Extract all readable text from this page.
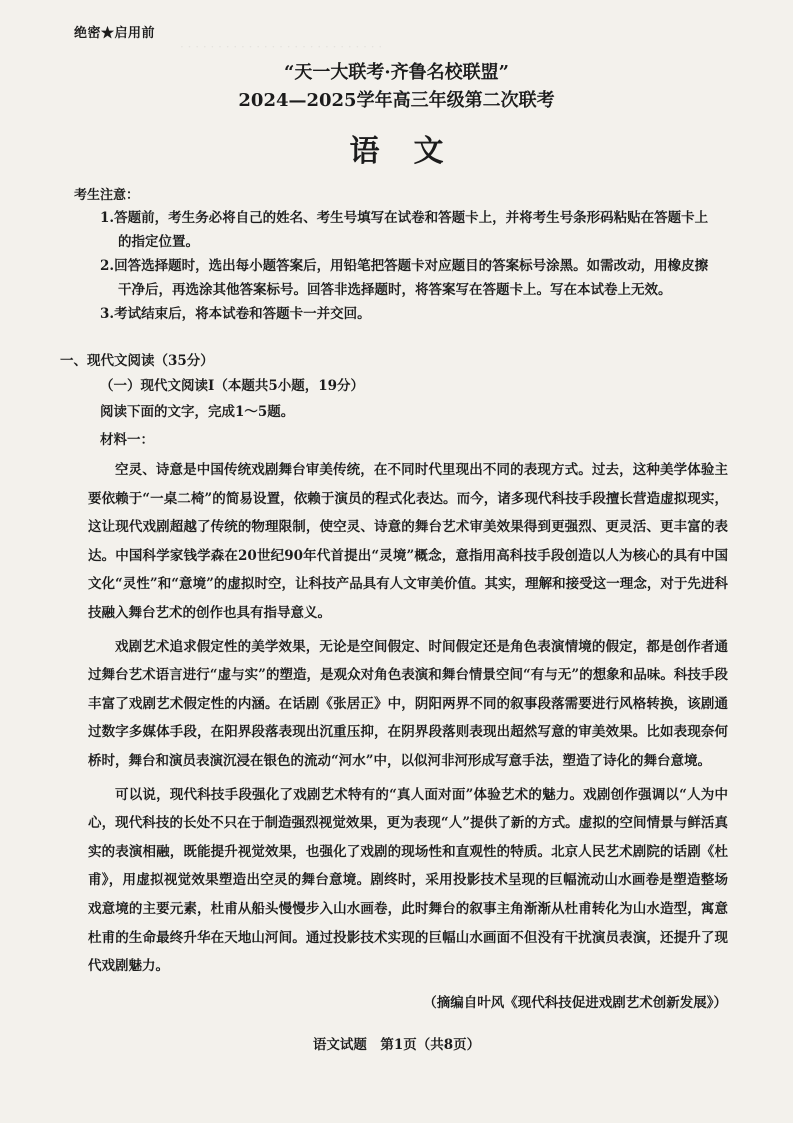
· · · · · · · · · · · · · · · · · · · · · · · · · · ·
绝密★启用前
“天一大联考·齐鲁名校联盟”
2024—2025学年高三年级第二次联考
语文
考生注意：

1.答题前，考生务必将自己的姓名、考生号填写在试卷和答题卡上，并将考生号条形码粘贴在答题卡上

的指定位置。

2.回答选择题时，选出每小题答案后，用铅笔把答题卡对应题目的答案标号涂黑。如需改动，用橡皮擦

干净后，再选涂其他答案标号。回答非选择题时，将答案写在答题卡上。写在本试卷上无效。

3.考试结束后，将本试卷和答题卡一并交回。

一、现代文阅读（35分）
（一）现代文阅读Ⅰ（本题共5小题，19分）
阅读下面的文字，完成1～5题。
材料一：

空灵、诗意是中国传统戏剧舞台审美传统，在不同时代里现出不同的表现方式。过去，这种美学体验主要依赖于“一桌二椅”的简易设置，依赖于演员的程式化表达。而今，诸多现代科技手段擅长营造虚拟现实，这让现代戏剧超越了传统的物理限制，使空灵、诗意的舞台艺术审美效果得到更强烈、更灵活、更丰富的表达。中国科学家钱学森在20世纪90年代首提出“灵境”概念，意指用高科技手段创造以人为核心的具有中国文化“灵性”和“意境”的虚拟时空，让科技产品具有人文审美价值。其实，理解和接受这一理念，对于先进科技融入舞台艺术的创作也具有指导意义。

戏剧艺术追求假定性的美学效果，无论是空间假定、时间假定还是角色表演情境的假定，都是创作者通过舞台艺术语言进行“虚与实”的塑造，是观众对角色表演和舞台情景空间“有与无”的想象和品味。科技手段丰富了戏剧艺术假定性的内涵。在话剧《张居正》中，阴阳两界不同的叙事段落需要进行风格转换，该剧通过数字多媒体手段，在阳界段落表现出沉重压抑，在阴界段落则表现出超然写意的审美效果。比如表现奈何桥时，舞台和演员表演沉浸在银色的流动“河水”中，以似河非河形成写意手法，塑造了诗化的舞台意境。

可以说，现代科技手段强化了戏剧艺术特有的“真人面对面”体验艺术的魅力。戏剧创作强调以“人为中心，现代科技的长处不只在于制造强烈视觉效果，更为表现“人”提供了新的方式。虚拟的空间情景与鲜活真实的表演相融，既能提升视觉效果，也强化了戏剧的现场性和直观性的特质。北京人民艺术剧院的话剧《杜甫》，用虚拟视觉效果塑造出空灵的舞台意境。剧终时，采用投影技术呈现的巨幅流动山水画卷是塑造整场戏意境的主要元素，杜甫从船头慢慢步入山水画卷，此时舞台的叙事主角渐渐从杜甫转化为山水造型，寓意杜甫的生命最终升华在天地山河间。通过投影技术实现的巨幅山水画面不但没有干扰演员表演，还提升了现代戏剧魅力。

（摘编自叶风《现代科技促进戏剧艺术创新发展》）
语文试题　第1页（共8页）
